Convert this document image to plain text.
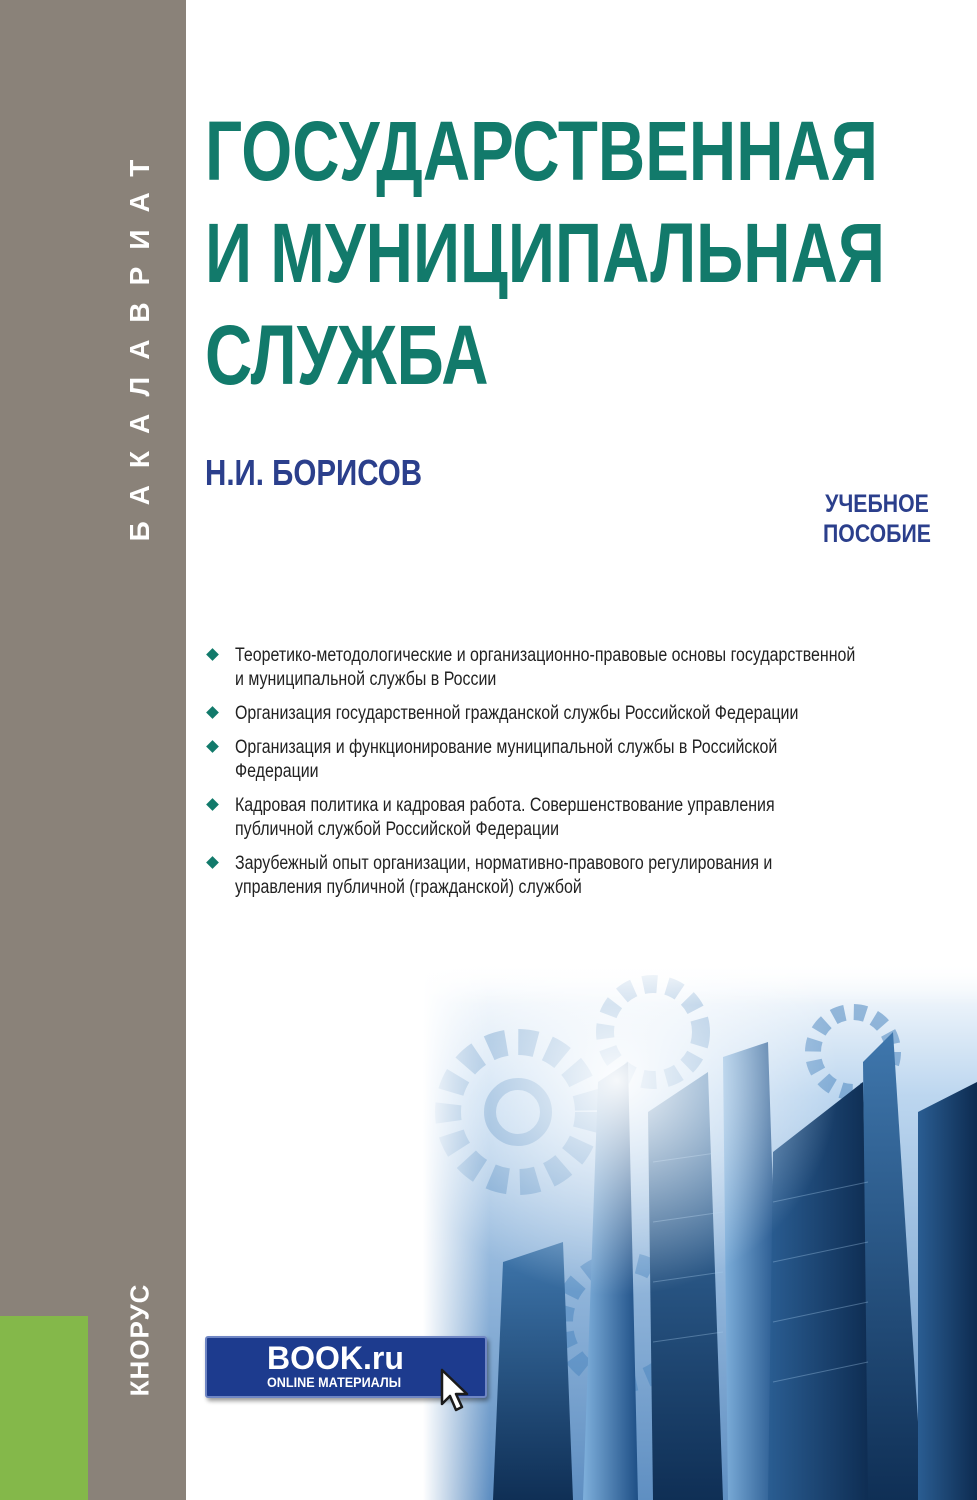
БАКАЛАВРИАТ
КНОРУС
ГОСУДАРСТВЕННАЯ
И МУНИЦИПАЛЬНАЯ
СЛУЖБА
Н.И. БОРИСОВ
УЧЕБНОЕ
ПОСОБИЕ
Теоретико-методологические и организационно-правовые основы государственной и муниципальной службы в России
Организация государственной гражданской службы Российской Федерации
Организация и функционирование муниципальной службы в Российской Федерации
Кадровая политика и кадровая работа. Совершенствование управления публичной службой Российской Федерации
Зарубежный опыт организации, нормативно-правового регулирования и управления публичной (гражданской) службой
BOOK.ru
ONLINE МАТЕРИАЛЫ
